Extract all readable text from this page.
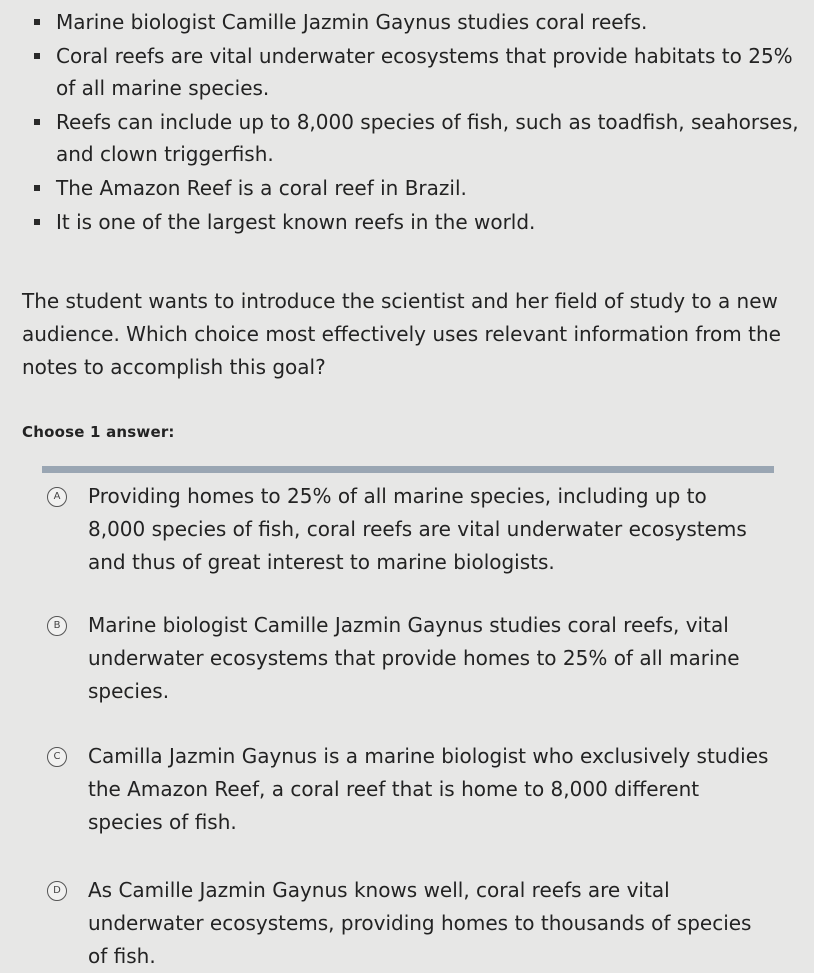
Marine biologist Camille Jazmin Gaynus studies coral reefs.
Coral reefs are vital underwater ecosystems that provide habitats to 25% of all marine species.
Reefs can include up to 8,000 species of fish, such as toadfish, seahorses, and clown triggerfish.
The Amazon Reef is a coral reef in Brazil.
It is one of the largest known reefs in the world.

The student wants to introduce the scientist and her field of study to a new audience. Which choice most effectively uses relevant information from the notes to accomplish this goal?

Choose 1 answer:

A	Providing homes to 25% of all marine species, including up to 8,000 species of fish, coral reefs are vital underwater ecosystems and thus of great interest to marine biologists.
B	Marine biologist Camille Jazmin Gaynus studies coral reefs, vital underwater ecosystems that provide homes to 25% of all marine species.
C	Camilla Jazmin Gaynus is a marine biologist who exclusively studies the Amazon Reef, a coral reef that is home to 8,000 different species of fish.
D	As Camille Jazmin Gaynus knows well, coral reefs are vital underwater ecosystems, providing homes to thousands of species of fish.
